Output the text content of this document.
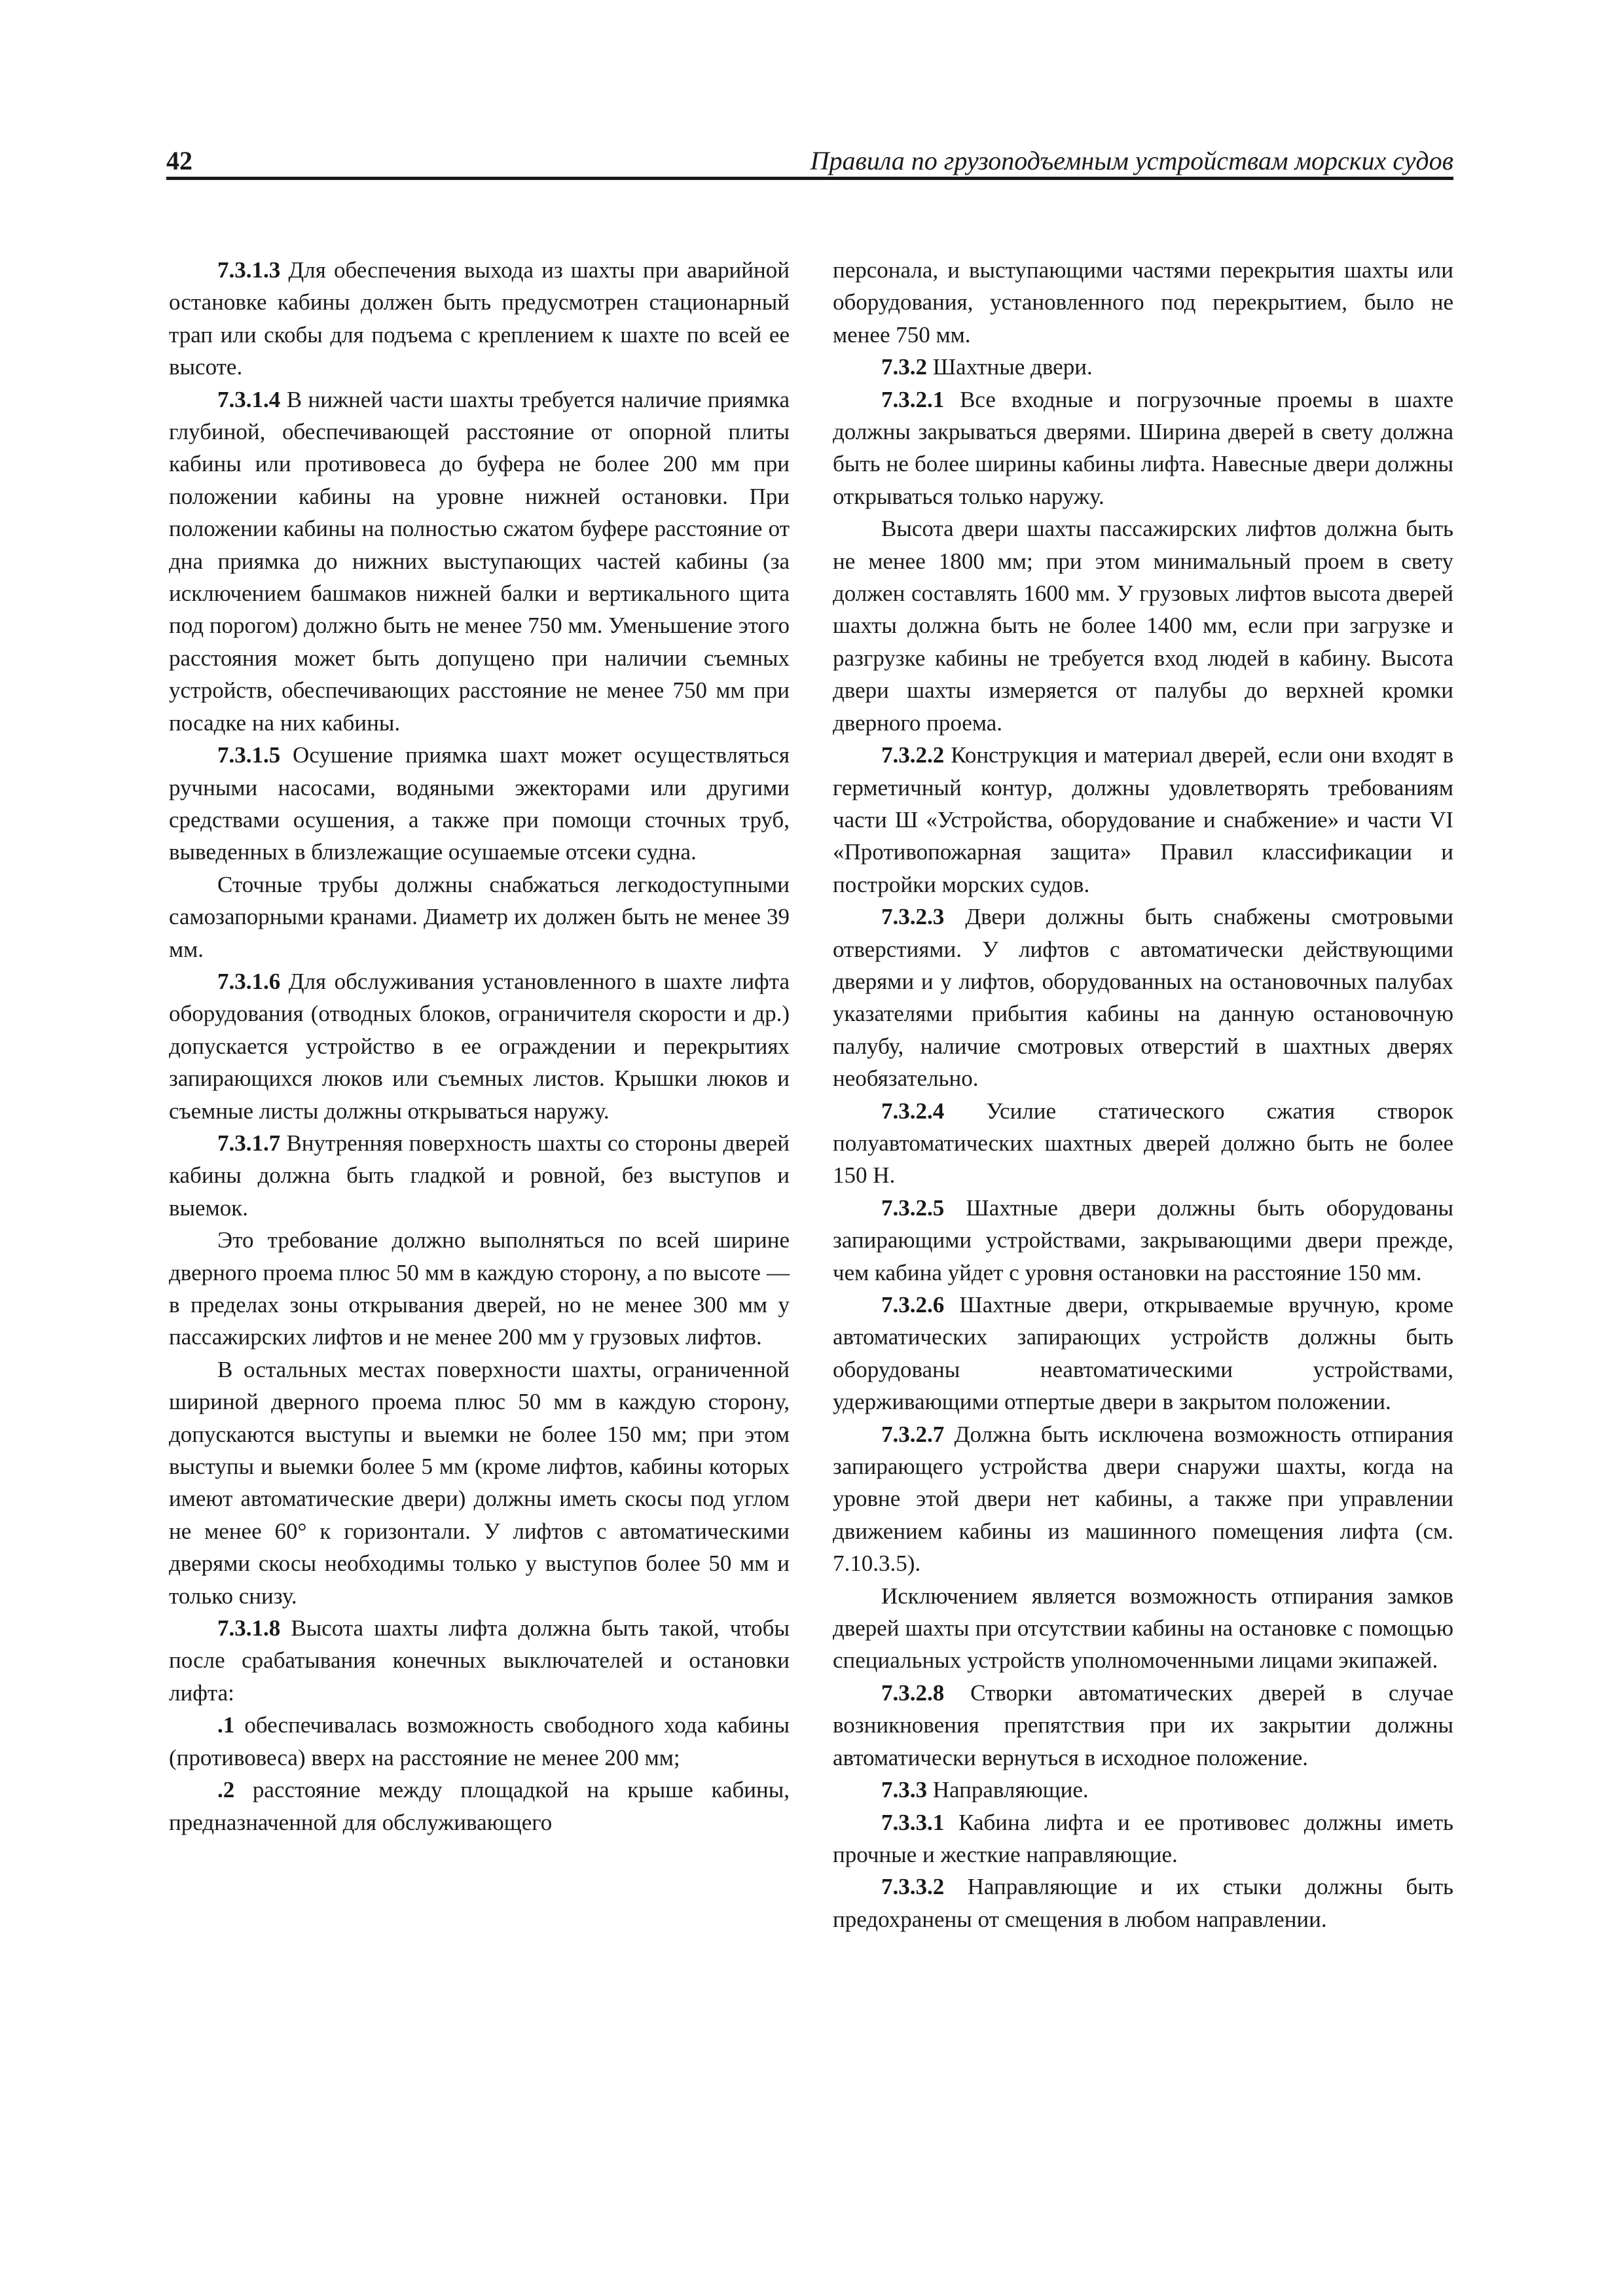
42	Правила по грузоподъемным устройствам морских судов

7.3.1.3 Для обеспечения выхода из шахты при аварийной остановке кабины должен быть предусмотрен стационарный трап или скобы для подъема с креплением к шахте по всей ее высоте.

7.3.1.4 В нижней части шахты требуется наличие приямка глубиной, обеспечивающей расстояние от опорной плиты кабины или противовеса до буфера не более 200 мм при положении кабины на уровне нижней остановки. При положении кабины на полностью сжатом буфере расстояние от дна приямка до нижних выступающих частей кабины (за исключением башмаков нижней балки и вертикального щита под порогом) должно быть не менее 750 мм. Уменьшение этого расстояния может быть допущено при наличии съемных устройств, обеспечивающих расстояние не менее 750 мм при посадке на них кабины.

7.3.1.5 Осушение приямка шахт может осуществляться ручными насосами, водяными эжекторами или другими средствами осушения, а также при помощи сточных труб, выведенных в близлежащие осушаемые отсеки судна.

Сточные трубы должны снабжаться легкодоступными самозапорными кранами. Диаметр их должен быть не менее 39 мм.

7.3.1.6 Для обслуживания установленного в шахте лифта оборудования (отводных блоков, ограничителя скорости и др.) допускается устройство в ее ограждении и перекрытиях запирающихся люков или съемных листов. Крышки люков и съемные листы должны открываться наружу.

7.3.1.7 Внутренняя поверхность шахты со стороны дверей кабины должна быть гладкой и ровной, без выступов и выемок.

Это требование должно выполняться по всей ширине дверного проема плюс 50 мм в каждую сторону, а по высоте — в пределах зоны открывания дверей, но не менее 300 мм у пассажирских лифтов и не менее 200 мм у грузовых лифтов.

В остальных местах поверхности шахты, ограниченной шириной дверного проема плюс 50 мм в каждую сторону, допускаются выступы и выемки не более 150 мм; при этом выступы и выемки более 5 мм (кроме лифтов, кабины которых имеют автоматические двери) должны иметь скосы под углом не менее 60° к горизонтали. У лифтов с автоматическими дверями скосы необходимы только у выступов более 50 мм и только снизу.

7.3.1.8 Высота шахты лифта должна быть такой, чтобы после срабатывания конечных выключателей и остановки лифта:

.1 обеспечивалась возможность свободного хода кабины (противовеса) вверх на расстояние не менее 200 мм;

.2 расстояние между площадкой на крыше кабины, предназначенной для обслуживающего

персонала, и выступающими частями перекрытия шахты или оборудования, установленного под перекрытием, было не менее 750 мм.

7.3.2 Шахтные двери.

7.3.2.1 Все входные и погрузочные проемы в шахте должны закрываться дверями. Ширина дверей в свету должна быть не более ширины кабины лифта. Навесные двери должны открываться только наружу.

Высота двери шахты пассажирских лифтов должна быть не менее 1800 мм; при этом минимальный проем в свету должен составлять 1600 мм. У грузовых лифтов высота дверей шахты должна быть не более 1400 мм, если при загрузке и разгрузке кабины не требуется вход людей в кабину. Высота двери шахты измеряется от палубы до верхней кромки дверного проема.

7.3.2.2 Конструкция и материал дверей, если они входят в герметичный контур, должны удовлетворять требованиям части Ш «Устройства, оборудование и снабжение» и части VI «Противопожарная защита» Правил классификации и постройки морских судов.

7.3.2.3 Двери должны быть снабжены смотровыми отверстиями. У лифтов с автоматически действующими дверями и у лифтов, оборудованных на остановочных палубах указателями прибытия кабины на данную остановочную палубу, наличие смотровых отверстий в шахтных дверях необязательно.

7.3.2.4 Усилие статического сжатия створок полуавтоматических шахтных дверей должно быть не более 150 Н.

7.3.2.5 Шахтные двери должны быть оборудованы запирающими устройствами, закрывающими двери прежде, чем кабина уйдет с уровня остановки на расстояние 150 мм.

7.3.2.6 Шахтные двери, открываемые вручную, кроме автоматических запирающих устройств должны быть оборудованы неавтоматическими устройствами, удерживающими отпертые двери в закрытом положении.

7.3.2.7 Должна быть исключена возможность отпирания запирающего устройства двери снаружи шахты, когда на уровне этой двери нет кабины, а также при управлении движением кабины из машинного помещения лифта (см. 7.10.3.5).

Исключением является возможность отпирания замков дверей шахты при отсутствии кабины на остановке с помощью специальных устройств уполномоченными лицами экипажей.

7.3.2.8 Створки автоматических дверей в случае возникновения препятствия при их закрытии должны автоматически вернуться в исходное положение.

7.3.3 Направляющие.

7.3.3.1 Кабина лифта и ее противовес должны иметь прочные и жесткие направляющие.

7.3.3.2 Направляющие и их стыки должны быть предохранены от смещения в любом направлении.
